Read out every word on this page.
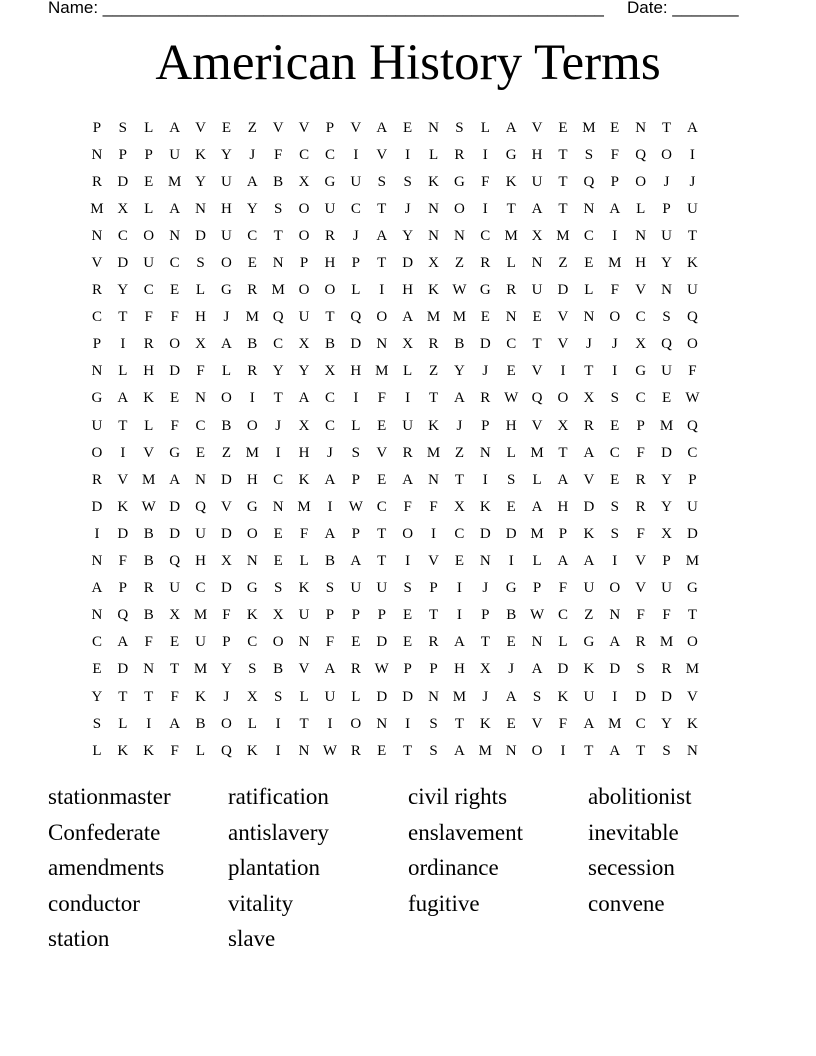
Name: _____________________________________________________ Date: _______
American History Terms
P	S	L	A	V	E	Z	V	V	P	V	A	E	N	S	L	A	V	E M E	N	T	A
N	P	P	U	K	Y	J	F	C	C	I	V	I	L	R	I	G	H	T	S	F	Q	O	I
R	D	E M Y	U	A	B	X	G	U	S	S	K	G	F	K	U	T	Q	P	O	J	J
M X	L	A	N	H	Y	S	O	U	C	T	J	N	O	I	T	A	T	N	A	L	P	U
N	C	O	N	D	U	C	T	O	R	J	A	Y	N	N	C M X M C	I	N	U	T
V	D	U	C	S	O	E	N	P	H	P	T	D	X	Z	R	L	N	Z	E M H	Y	K
R	Y	C	E	L	G	R M O	O	L	I	H	K W G	R	U	D	L	F	V	N	U
C	T	F	F	H	J	M Q	U	T	Q	O	A M M E	N	E	V	N	O	C	S	Q
P	I	R	O	X	A	B	C	X	B	D	N	X	R	B	D	C	T	V	J	J	X	Q	O
N	L	H	D	F	L	R	Y	Y	X	H M L	Z	Y	J	E	V	I	T	I	G	U	F
G	A	K	E	N	O	I	T	A	C	I	F	I	T	A	R W Q	O	X	S	C	E W
U	T	L	F	C	B	O	J	X	C	L	E	U	K	J	P	H	V	X	R	E	P	M Q
O	I	V	G	E	Z M	I	H	J	S	V	R M Z	N	L M T	A	C	F	D	C
R	V M A	N	D	H	C	K	A	P	E	A	N	T	I	S	L	A	V	E	R	Y	P
D	K W D	Q	V	G	N M	I	W C	F	F	X	K	E	A	H	D	S	R	Y	U
I	D	B	D	U	D	O	E	F	A	P	T	O	I	C	D	D M	P	K	S	F	X	D
N	F	B	Q	H	X	N	E	L	B	A	T	I	V	E	N	I	L	A	A	I	V	P	M
A	P	R	U	C	D	G	S	K	S	U	U	S	P	I	J	G	P	F	U	O	V	U	G
N	Q	B	X M	F	K	X	U	P	P	P	E	T	I	P	B W C	Z	N	F	F	T
C	A	F	E	U	P	C	O	N	F	E	D	E	R	A	T	E	N	L	G	A	R M O
E	D	N	T M Y	S	B	V	A	R W P	P	H	X	J	A	D	K	D	S	R M
Y	T	T	F	K	J	X	S	L	U	L	D	D	N M	J	A	S	K	U	I	D	D	V
S	L	I	A	B	O	L	I	T	I	O	N	I	S	T	K	E	V	F	A M C	Y	K
L	K	K	F	L	Q	K	I	N W R	E	T	S	A M N	O	I	T	A	T	S	N
stationmaster	ratification	civil rights	abolitionist
Confederate	antislavery	enslavement	inevitable
amendments	plantation	ordinance	secession
conductor	vitality	fugitive	convene
station	slave
